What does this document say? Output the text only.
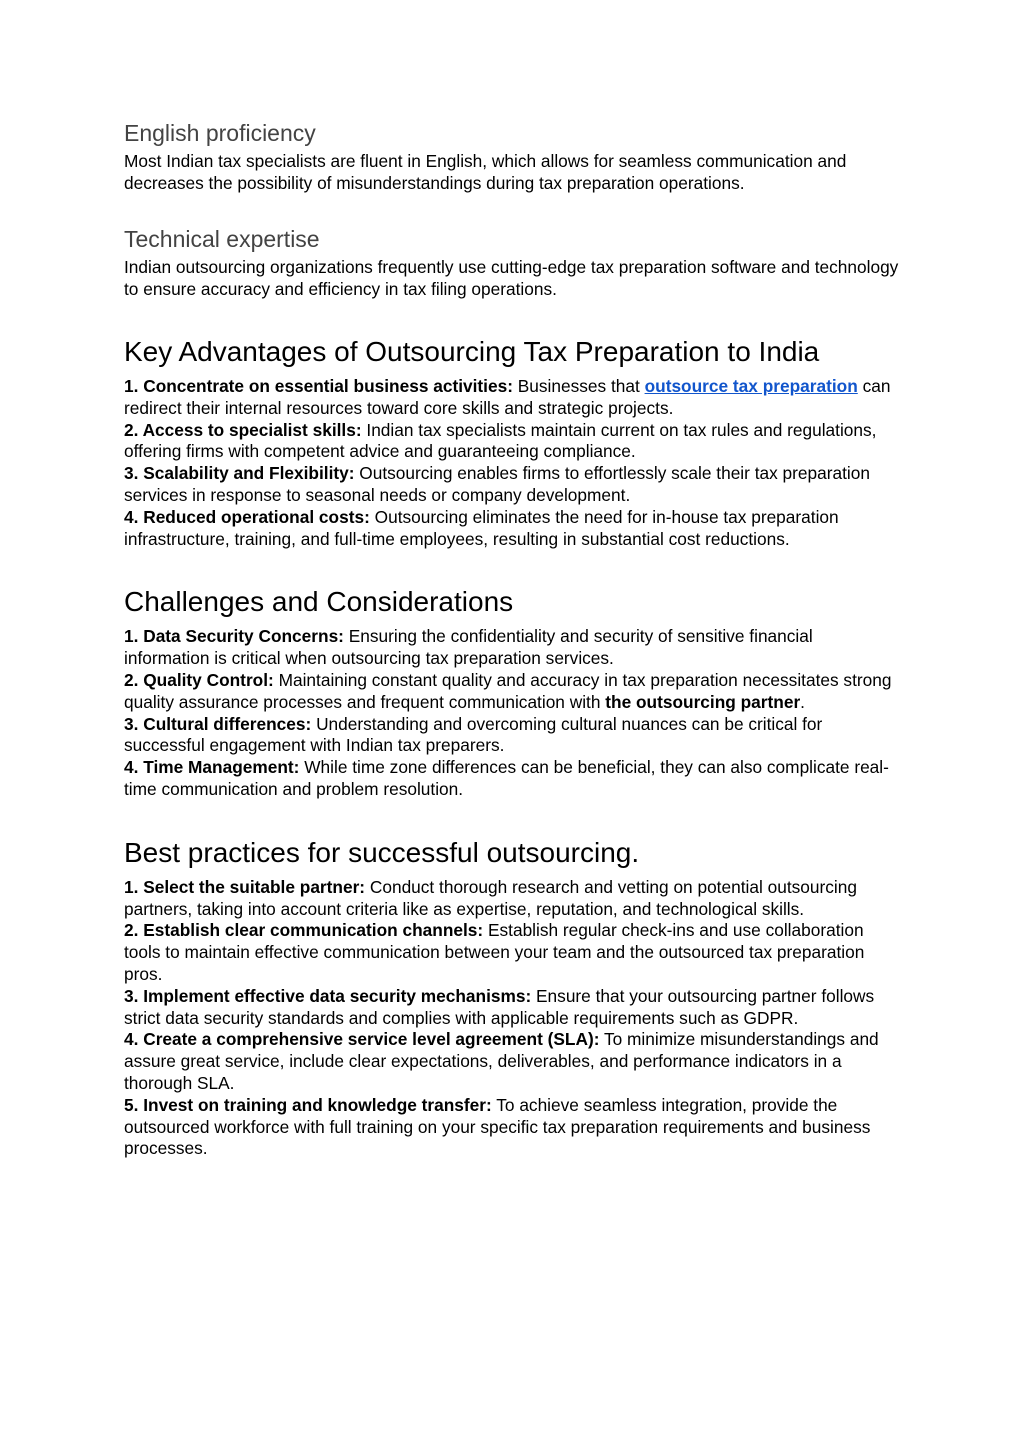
English proficiency

Most Indian tax specialists are fluent in English, which allows for seamless communication and decreases the possibility of misunderstandings during tax preparation operations.

Technical expertise

Indian outsourcing organizations frequently use cutting-edge tax preparation software and technology to ensure accuracy and efficiency in tax filing operations.

Key Advantages of Outsourcing Tax Preparation to India

1. Concentrate on essential business activities: Businesses that outsource tax preparation can redirect their internal resources toward core skills and strategic projects.

2. Access to specialist skills: Indian tax specialists maintain current on tax rules and regulations, offering firms with competent advice and guaranteeing compliance.

3. Scalability and Flexibility: Outsourcing enables firms to effortlessly scale their tax preparation services in response to seasonal needs or company development.

4. Reduced operational costs: Outsourcing eliminates the need for in-house tax preparation infrastructure, training, and full-time employees, resulting in substantial cost reductions.

Challenges and Considerations

1. Data Security Concerns: Ensuring the confidentiality and security of sensitive financial information is critical when outsourcing tax preparation services.

2. Quality Control: Maintaining constant quality and accuracy in tax preparation necessitates strong quality assurance processes and frequent communication with the outsourcing partner.

3. Cultural differences: Understanding and overcoming cultural nuances can be critical for successful engagement with Indian tax preparers.

4. Time Management: While time zone differences can be beneficial, they can also complicate real-time communication and problem resolution.

Best practices for successful outsourcing.

1. Select the suitable partner: Conduct thorough research and vetting on potential outsourcing partners, taking into account criteria like as expertise, reputation, and technological skills.

2. Establish clear communication channels: Establish regular check-ins and use collaboration tools to maintain effective communication between your team and the outsourced tax preparation pros.

3. Implement effective data security mechanisms: Ensure that your outsourcing partner follows strict data security standards and complies with applicable requirements such as GDPR.

4. Create a comprehensive service level agreement (SLA): To minimize misunderstandings and assure great service, include clear expectations, deliverables, and performance indicators in a thorough SLA.

5. Invest on training and knowledge transfer: To achieve seamless integration, provide the outsourced workforce with full training on your specific tax preparation requirements and business processes.
